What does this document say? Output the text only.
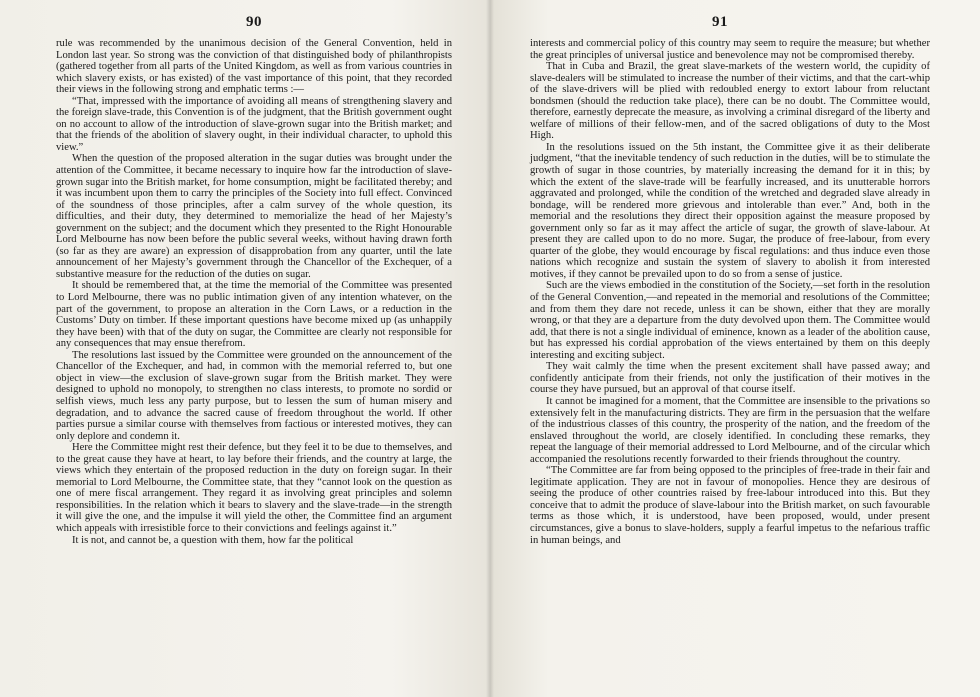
90

rule was recommended by the unanimous decision of the General Convention, held in London last year. So strong was the conviction of that distinguished body of philanthropists (gathered together from all parts of the United Kingdom, as well as from various countries in which slavery exists, or has existed) of the vast importance of this point, that they recorded their views in the following strong and emphatic terms :—

“That, impressed with the importance of avoiding all means of strengthening slavery and the foreign slave-trade, this Convention is of the judgment, that the British government ought on no account to allow of the introduction of slave-grown sugar into the British market; and that the friends of the abolition of slavery ought, in their individual character, to uphold this view.”

When the question of the proposed alteration in the sugar duties was brought under the attention of the Committee, it became necessary to inquire how far the introduction of slave-grown sugar into the British market, for home consumption, might be facilitated thereby; and it was incumbent upon them to carry the principles of the Society into full effect. Convinced of the soundness of those principles, after a calm survey of the whole question, its difficulties, and their duty, they determined to memorialize the head of her Majesty’s government on the subject; and the document which they presented to the Right Honourable Lord Melbourne has now been before the public several weeks, without having drawn forth (so far as they are aware) an expression of disapprobation from any quarter, until the late announcement of her Majesty’s government through the Chancellor of the Exchequer, of a substantive measure for the reduction of the duties on sugar.

It should be remembered that, at the time the memorial of the Committee was presented to Lord Melbourne, there was no public intimation given of any intention whatever, on the part of the government, to propose an alteration in the Corn Laws, or a reduction in the Customs’ Duty on timber. If these important questions have become mixed up (as unhappily they have been) with that of the duty on sugar, the Committee are clearly not responsible for any consequences that may ensue therefrom.

The resolutions last issued by the Committee were grounded on the announcement of the Chancellor of the Exchequer, and had, in common with the memorial referred to, but one object in view—the exclusion of slave-grown sugar from the British market. They were designed to uphold no monopoly, to strengthen no class interests, to promote no sordid or selfish views, much less any party purpose, but to lessen the sum of human misery and degradation, and to advance the sacred cause of freedom throughout the world. If other parties pursue a similar course with themselves from factious or interested motives, they can only deplore and condemn it.

Here the Committee might rest their defence, but they feel it to be due to themselves, and to the great cause they have at heart, to lay before their friends, and the country at large, the views which they entertain of the proposed reduction in the duty on foreign sugar. In their memorial to Lord Melbourne, the Committee state, that they “cannot look on the question as one of mere fiscal arrangement. They regard it as involving great principles and solemn responsibilities. In the relation which it bears to slavery and the slave-trade—in the strength it will give the one, and the impulse it will yield the other, the Committee find an argument which appeals with irresistible force to their convictions and feelings against it.”

It is not, and cannot be, a question with them, how far the political

91

interests and commercial policy of this country may seem to require the measure; but whether the great principles of universal justice and benevolence may not be compromised thereby.

That in Cuba and Brazil, the great slave-markets of the western world, the cupidity of slave-dealers will be stimulated to increase the number of their victims, and that the cart-whip of the slave-drivers will be plied with redoubled energy to extort labour from reluctant bondsmen (should the reduction take place), there can be no doubt. The Committee would, therefore, earnestly deprecate the measure, as involving a criminal disregard of the liberty and welfare of millions of their fellow-men, and of the sacred obligations of duty to the Most High.

In the resolutions issued on the 5th instant, the Committee give it as their deliberate judgment, “that the inevitable tendency of such reduction in the duties, will be to stimulate the growth of sugar in those countries, by materially increasing the demand for it in this; by which the extent of the slave-trade will be fearfully increased, and its unutterable horrors aggravated and prolonged, while the condition of the wretched and degraded slave already in bondage, will be rendered more grievous and intolerable than ever.” And, both in the memorial and the resolutions they direct their opposition against the measure proposed by government only so far as it may affect the article of sugar, the growth of slave-labour. At present they are called upon to do no more. Sugar, the produce of free-labour, from every quarter of the globe, they would encourage by fiscal regulations: and thus induce even those nations which recognize and sustain the system of slavery to abolish it from interested motives, if they cannot be prevailed upon to do so from a sense of justice.

Such are the views embodied in the constitution of the Society,—set forth in the resolution of the General Convention,—and repeated in the memorial and resolutions of the Committee; and from them they dare not recede, unless it can be shown, either that they are morally wrong, or that they are a departure from the duty devolved upon them. The Committee would add, that there is not a single individual of eminence, known as a leader of the abolition cause, but has expressed his cordial approbation of the views entertained by them on this deeply interesting and exciting subject.

They wait calmly the time when the present excitement shall have passed away; and confidently anticipate from their friends, not only the justification of their motives in the course they have pursued, but an approval of that course itself.

It cannot be imagined for a moment, that the Committee are insensible to the privations so extensively felt in the manufacturing districts. They are firm in the persuasion that the welfare of the industrious classes of this country, the prosperity of the nation, and the freedom of the enslaved throughout the world, are closely identified. In concluding these remarks, they repeat the language of their memorial addressed to Lord Melbourne, and of the circular which accompanied the resolutions recently forwarded to their friends throughout the country.

“The Committee are far from being opposed to the principles of free-trade in their fair and legitimate application. They are not in favour of monopolies. Hence they are desirous of seeing the produce of other countries raised by free-labour introduced into this. But they conceive that to admit the produce of slave-labour into the British market, on such favourable terms as those which, it is understood, have been proposed, would, under present circumstances, give a bonus to slave-holders, supply a fearful impetus to the nefarious traffic in human beings, and
